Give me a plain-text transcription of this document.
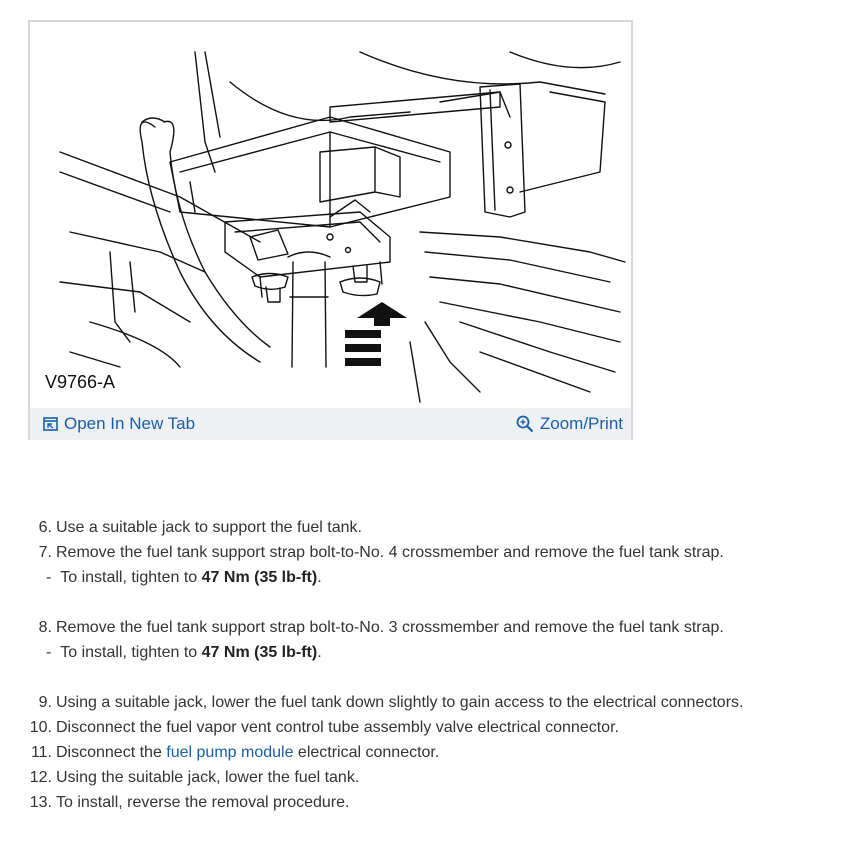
V9766-A
Open In New Tab	Zoom/Print
6. Use a suitable jack to support the fuel tank.
7. Remove the fuel tank support strap bolt-to-No. 4 crossmember and remove the fuel tank strap.
- To install, tighten to 47 Nm (35 lb-ft).
8. Remove the fuel tank support strap bolt-to-No. 3 crossmember and remove the fuel tank strap.
- To install, tighten to 47 Nm (35 lb-ft).
9. Using a suitable jack, lower the fuel tank down slightly to gain access to the electrical connectors.
10. Disconnect the fuel vapor vent control tube assembly valve electrical connector.
11. Disconnect the fuel pump module electrical connector.
12. Using the suitable jack, lower the fuel tank.
13. To install, reverse the removal procedure.
